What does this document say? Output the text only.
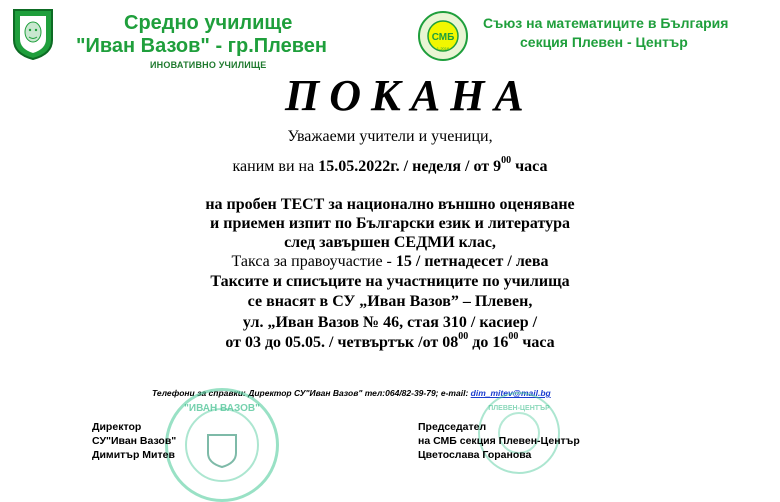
Средно училище
"Иван Вазов" - гр.Плевен
ИНОВАТИВНО УЧИЛИЩЕ
СМБ
1-2016
Съюз на математиците в България
секция Плевен - Център
ПОКАНА
Уважаеми учители и ученици,
каним ви на 15.05.2022г. / неделя / от $9^{00}$ часа
на пробен ТЕСТ за национално външно оценяване
и приемен изпит по Български език и литература
след завършен СЕДМИ клас,
Такса за правоучастие - 15 / петнадесет / лева
Таксите и списъците на участниците по училища
се внасят в СУ „Иван Вазов” – Плевен,
ул. „Иван Вазов № 46, стая 310 / касиер /
от 03 до 05.05. / четвъртък /от $08^{00}$ до $16^{00}$ часа
Телефони за справки: Директор СУ"Иван Вазов" тел:064/82-39-79; e-mail: dim_mitev@mail.bg
"ИВАН ВАЗОВ"	ПЛЕВЕН-ЦЕНТЪР
Директор
СУ"Иван Вазов"
Димитър Митев
Председател
на СМБ секция Плевен-Център
Цветослава Горанова
